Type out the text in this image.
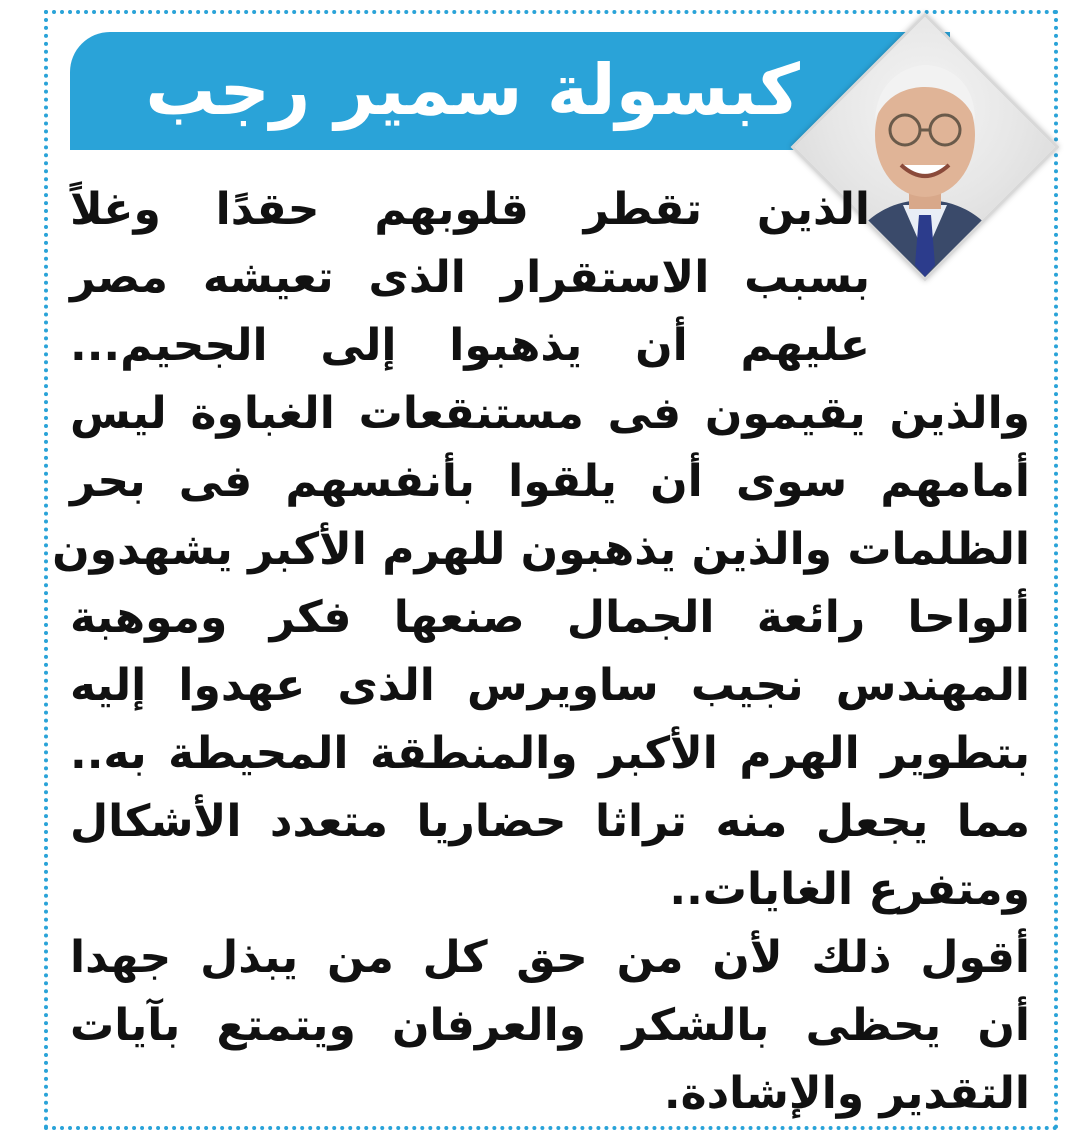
كبسولة سمير رجب
الذين تقطر قلوبهم حقدًا وغلاً
بسبب الاستقرار الذى تعيشه مصر
عليهم أن يذهبوا إلى الجحيم...
والذين يقيمون فى مستنقعات الغباوة ليس
أمامهم سوى أن يلقوا بأنفسهم فى بحر
الظلمات والذين يذهبون للهرم الأكبر يشهدون
ألواحا رائعة الجمال صنعها فكر وموهبة
المهندس نجيب ساويرس الذى عهدوا إليه
بتطوير الهرم الأكبر والمنطقة المحيطة به..
مما يجعل منه تراثا حضاريا متعدد الأشكال
ومتفرع الغايات..
أقول ذلك لأن من حق كل من يبذل جهدا
أن يحظى بالشكر والعرفان ويتمتع بآيات
التقدير والإشادة.
